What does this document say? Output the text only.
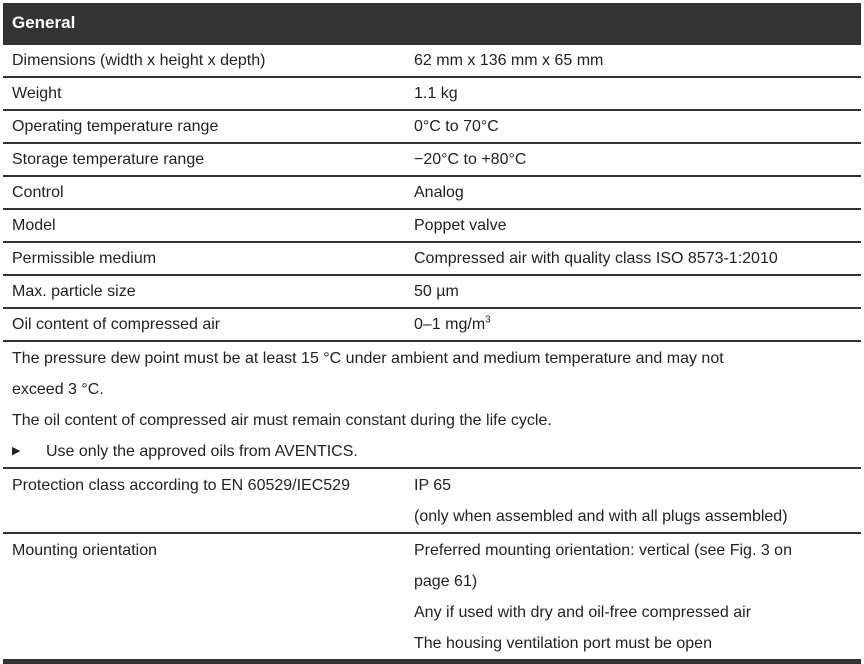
General
Dimensions (width x height x depth)	62 mm x 136 mm x 65 mm
Weight	1.1 kg
Operating temperature range	0°C to 70°C
Storage temperature range	−20°C to +80°C
Control	Analog
Model	Poppet valve
Permissible medium	Compressed air with quality class ISO 8573-1:2010
Max. particle size	50 µm
Oil content of compressed air	0–1 $mg/m^3$
The pressure dew point must be at least 15 °C under ambient and medium temperature and may not
exceed 3 °C.
The oil content of compressed air must remain constant during the life cycle.
▶	Use only the approved oils from AVENTICS.
Protection class according to EN 60529/IEC529	IP 65
(only when assembled and with all plugs assembled)
Mounting orientation	Preferred mounting orientation: vertical (see Fig. 3 on
page 61)
Any if used with dry and oil-free compressed air
The housing ventilation port must be open
